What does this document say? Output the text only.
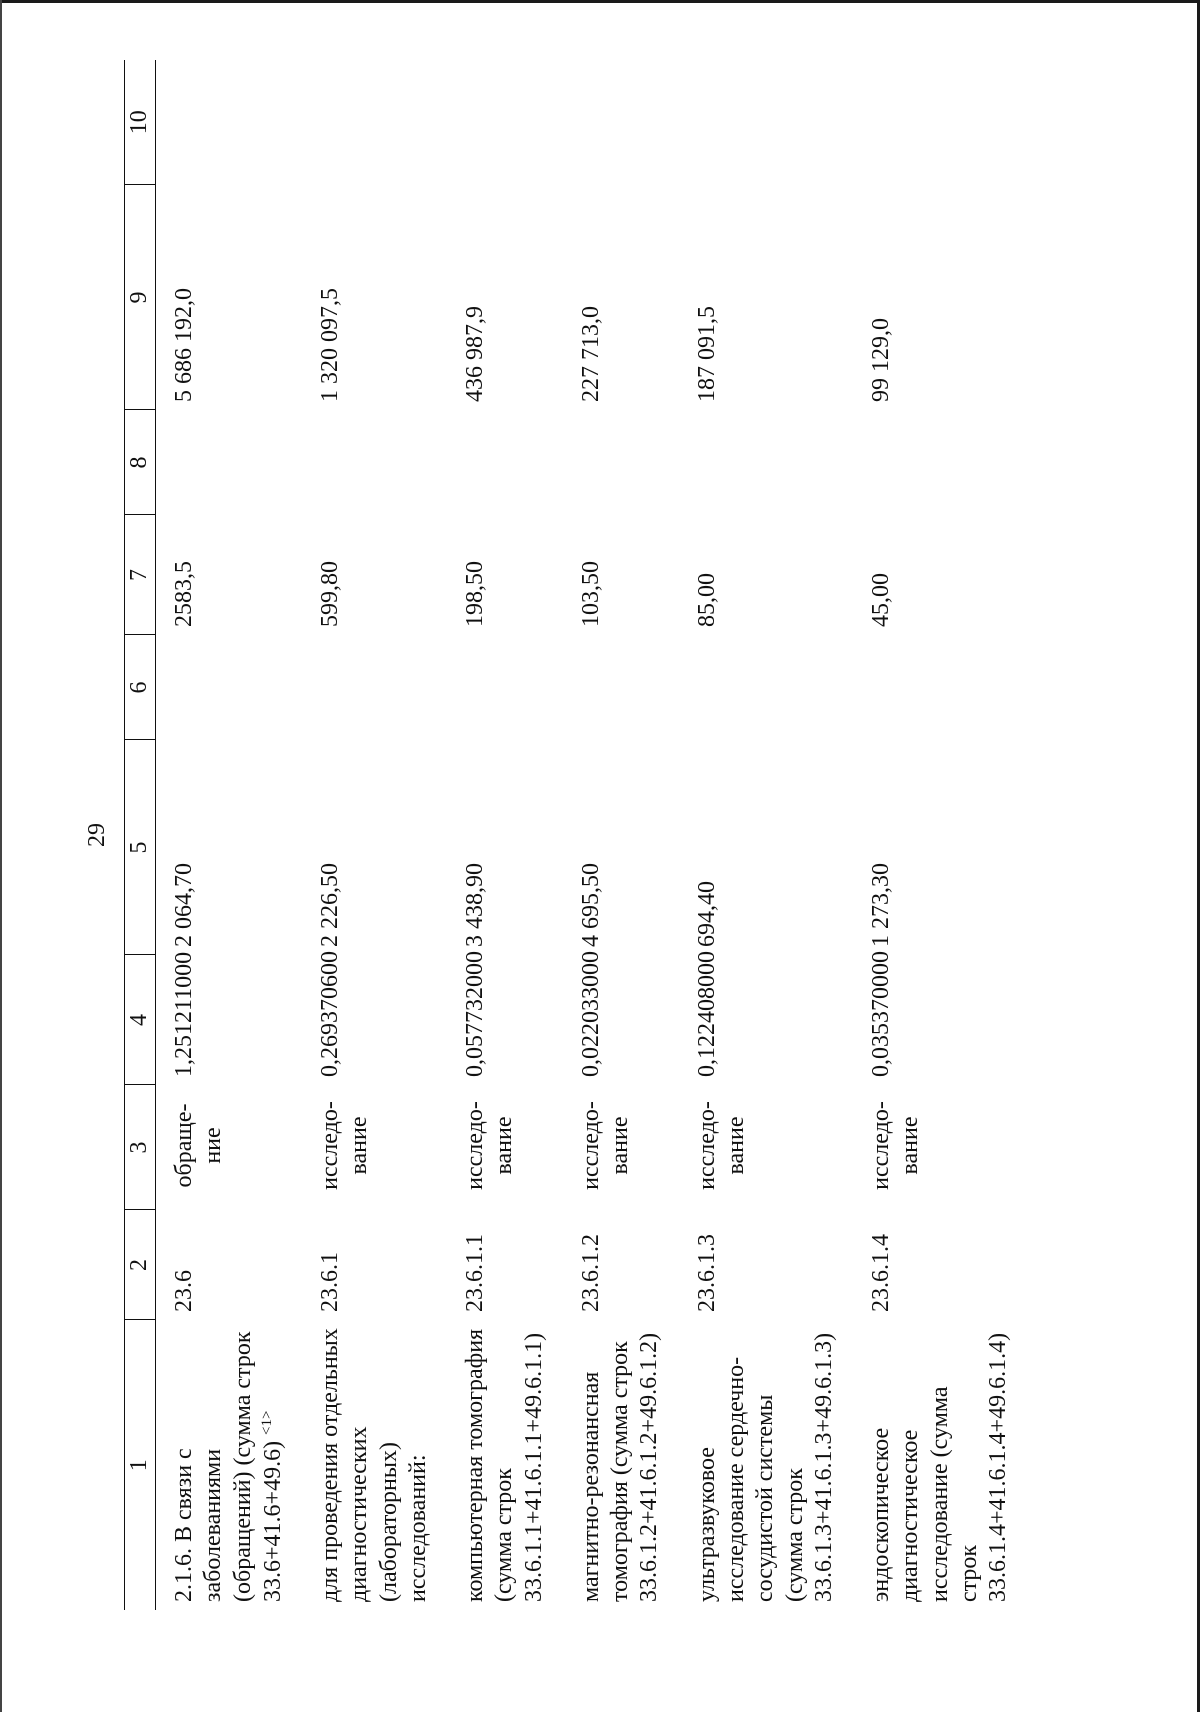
29
1	2	3	4	5	6	7	8	9	10
2.1.6. В связи с заболеваниями (обращений) (сумма строк 33.6+41.6+49.6) $^{<1>}$	23.6	обраще-ние	1,251211000	2 064,70		2583,5		5 686 192,0	
для проведения отдельных диагностических (лабораторных) исследований:	23.6.1	исследо-вание	0,269370600	2 226,50		599,80		1 320 097,5	
компьютерная томография (сумма строк 33.6.1.1+41.6.1.1+49.6.1.1)	23.6.1.1	исследо-вание	0,057732000	3 438,90		198,50		436 987,9	
магнитно-резонансная томография (сумма строк 33.6.1.2+41.6.1.2+49.6.1.2)	23.6.1.2	исследо-вание	0,022033000	4 695,50		103,50		227 713,0	
ультразвуковое исследование сердечно-сосудистой системы (сумма строк 33.6.1.3+41.6.1.3+49.6.1.3)	23.6.1.3	исследо-вание	0,122408000	694,40		85,00		187 091,5	
эндоскопическое диагностическое исследование (сумма строк 33.6.1.4+41.6.1.4+49.6.1.4)	23.6.1.4	исследо-вание	0,035370000	1 273,30		45,00		99 129,0	
